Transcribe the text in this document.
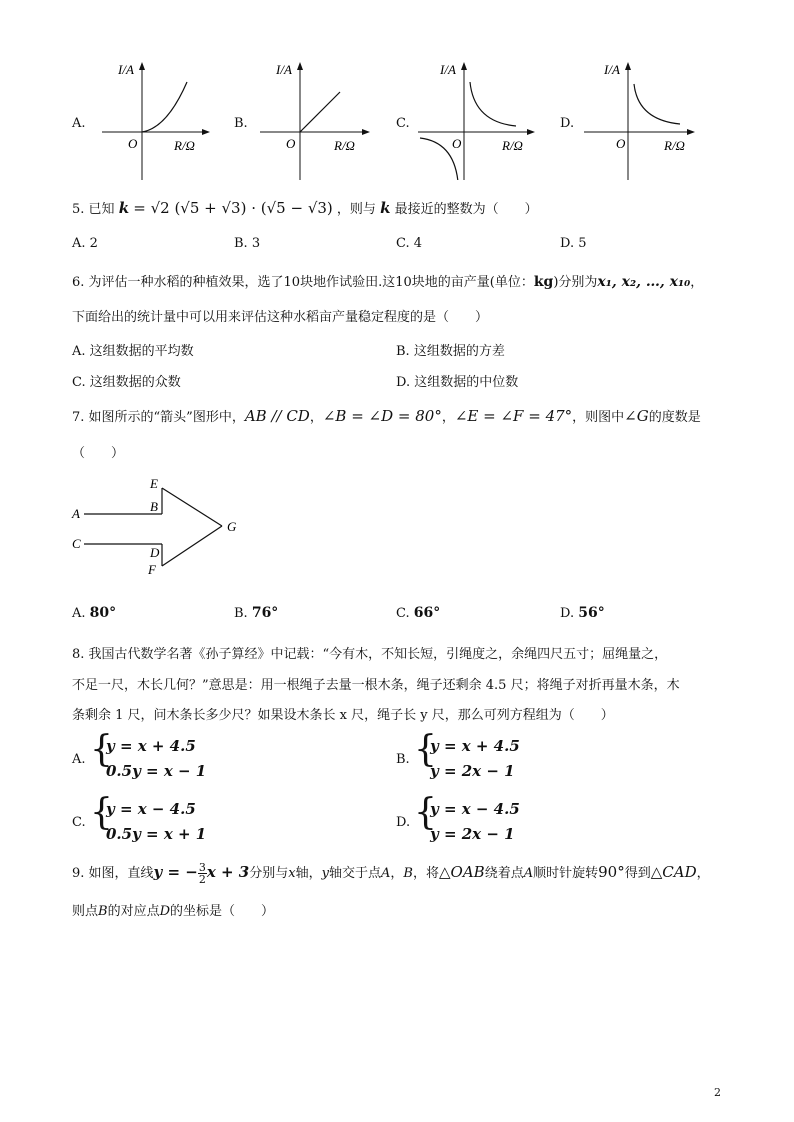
A.
I/A
O	R/Ω
B.
I/A
O	R/Ω
C.
I/A
O	R/Ω
D.
I/A
O	R/Ω
5. 已知 k = √2 (√5 + √3) · (√5 − √3) ，则与 k 最接近的整数为（　　）
A. 2	B. 3	C. 4	D. 5
6. 为评估一种水稻的种植效果，选了10块地作试验田.这10块地的亩产量(单位：kg)分别为x₁, x₂, …, x₁₀，
下面给出的统计量中可以用来评估这种水稻亩产量稳定程度的是（　　）
A. 这组数据的平均数	B. 这组数据的方差
C. 这组数据的众数	D. 这组数据的中位数
7. 如图所示的“箭头”图形中，AB // CD，∠B = ∠D = 80°，∠E = ∠F = 47°，则图中∠G的度数是
（　　）
E
B
A
C
D
F
G
A. 80°	B. 76°	C. 66°	D. 56°
8. 我国古代数学名著《孙子算经》中记载：“今有木，不知长短，引绳度之，余绳四尺五寸；屈绳量之，
不足一尺，木长几何？”意思是：用一根绳子去量一根木条，绳子还剩余 4.5 尺；将绳子对折再量木条，木
条剩余 1 尺，问木条长多少尺？如果设木条长 x 尺，绳子长 y 尺，那么可列方程组为（　　）
A. {
y = x + 4.5
0.5y = x − 1
B. {
y = x + 4.5
y = 2x − 1
C. {
y = x − 4.5
0.5y = x + 1
D. {
y = x − 4.5
y = 2x − 1
9. 如图，直线y = − $\frac{3}{2}$ x + 3分别与x轴，y轴交于点A，B，将△OAB绕着点A顺时针旋转90°得到△CAD，
则点B的对应点D的坐标是（　　）
2
